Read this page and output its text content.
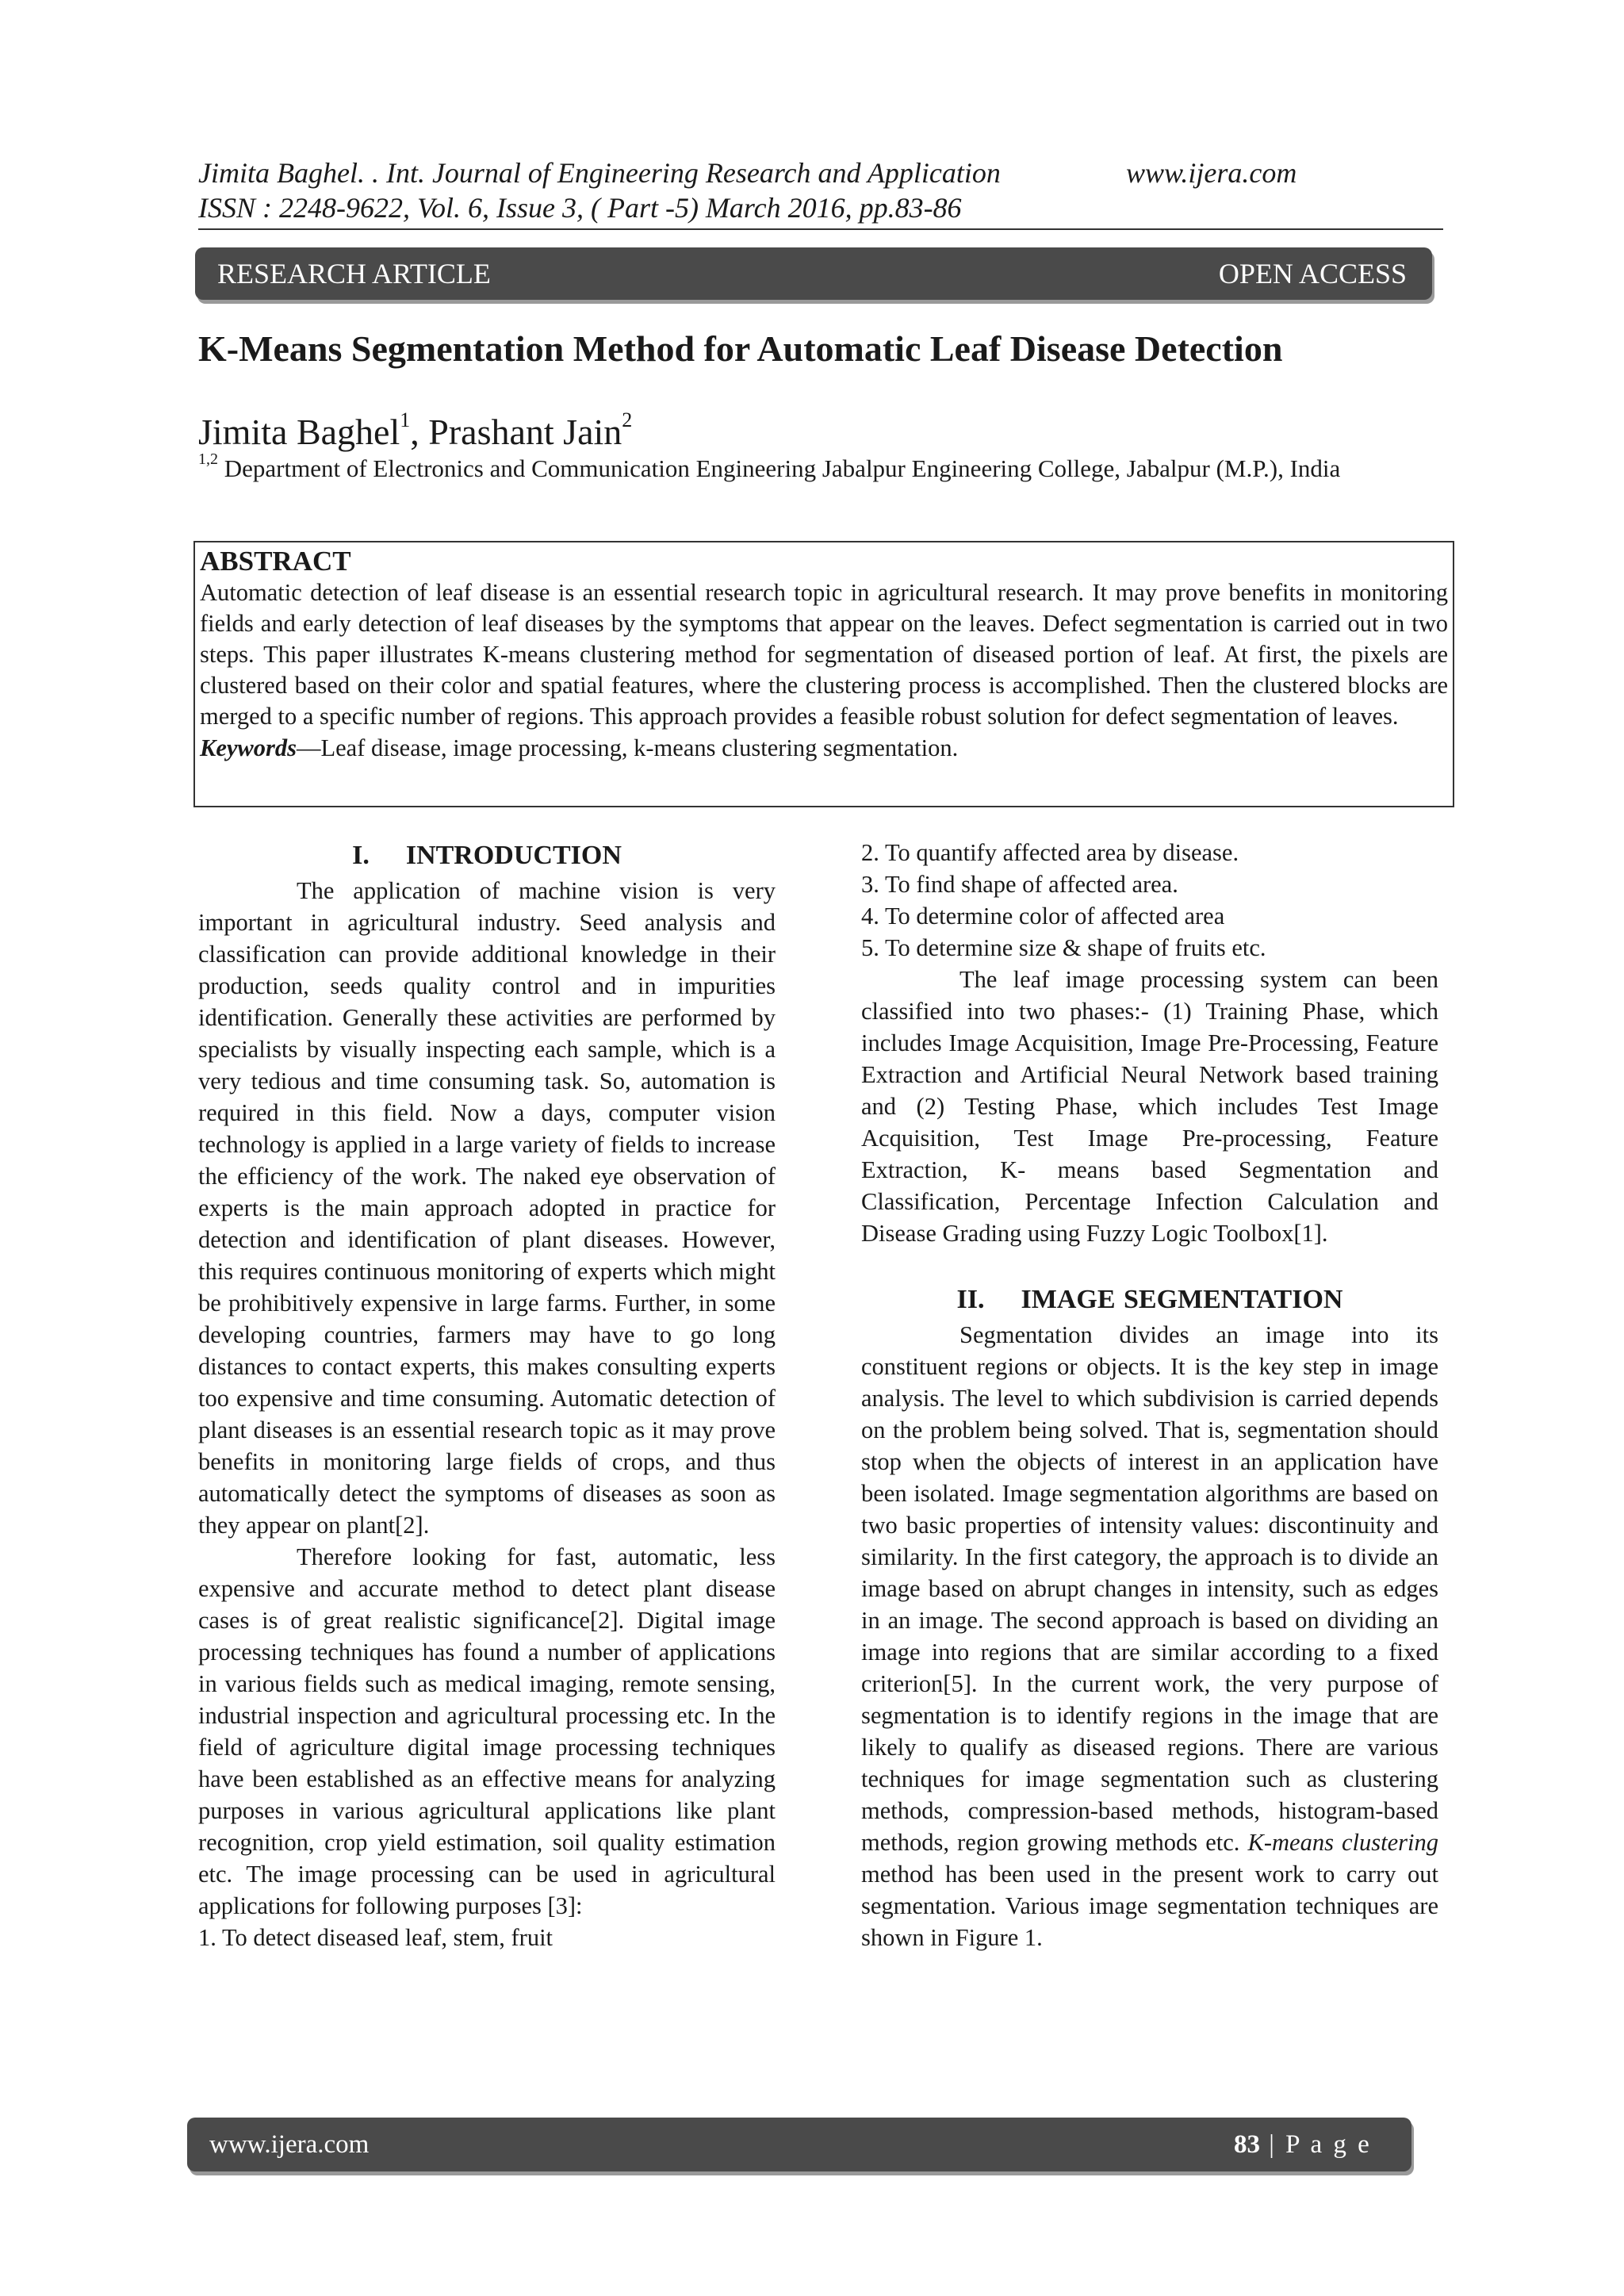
Jimita Baghel. . Int. Journal of Engineering Research and Application	www.ijera.com
ISSN : 2248-9622, Vol. 6, Issue 3, ( Part -5) March 2016, pp.83-86
RESEARCH ARTICLE	OPEN ACCESS
K-Means Segmentation Method for Automatic Leaf Disease Detection
Jimita Baghel$^1$, Prashant Jain$^2$
$^{1,2}$ Department of Electronics and Communication Engineering Jabalpur Engineering College, Jabalpur (M.P.), India
ABSTRACT
Automatic detection of leaf disease is an essential research topic in agricultural research. It may prove benefits in monitoring fields and early detection of leaf diseases by the symptoms that appear on the leaves. Defect segmentation is carried out in two steps. This paper illustrates K-means clustering method for segmentation of diseased portion of leaf. At first, the pixels are clustered based on their color and spatial features, where the clustering process is accomplished. Then the clustered blocks are merged to a specific number of regions. This approach provides a feasible robust solution for defect segmentation of leaves.
Keywords—Leaf disease, image processing, k-means clustering segmentation.
I. INTRODUCTION

The application of machine vision is very important in agricultural industry. Seed analysis and classification can provide additional knowledge in their production, seeds quality control and in impurities identification. Generally these activities are performed by specialists by visually inspecting each sample, which is a very tedious and time consuming task. So, automation is required in this field. Now a days, computer vision technology is applied in a large variety of fields to increase the efficiency of the work. The naked eye observation of experts is the main approach adopted in practice for detection and identification of plant diseases. However, this requires continuous monitoring of experts which might be prohibitively expensive in large farms. Further, in some developing countries, farmers may have to go long distances to contact experts, this makes consulting experts too expensive and time consuming. Automatic detection of plant diseases is an essential research topic as it may prove benefits in monitoring large fields of crops, and thus automatically detect the symptoms of diseases as soon as they appear on plant[2].

Therefore looking for fast, automatic, less expensive and accurate method to detect plant disease cases is of great realistic significance[2]. Digital image processing techniques has found a number of applications in various fields such as medical imaging, remote sensing, industrial inspection and agricultural processing etc. In the field of agriculture digital image processing techniques have been established as an effective means for analyzing purposes in various agricultural applications like plant recognition, crop yield estimation, soil quality estimation etc. The image processing can be used in agricultural applications for following purposes [3]:

1. To detect diseased leaf, stem, fruit

2. To quantify affected area by disease.

3. To find shape of affected area.

4. To determine color of affected area

5. To determine size & shape of fruits etc.

The leaf image processing system can been classified into two phases:- (1) Training Phase, which includes Image Acquisition, Image Pre-Processing, Feature Extraction and Artificial Neural Network based training and (2) Testing Phase, which includes Test Image Acquisition, Test Image Pre-processing, Feature Extraction, K- means based Segmentation and Classification, Percentage Infection Calculation and Disease Grading using Fuzzy Logic Toolbox[1].

II. IMAGE SEGMENTATION

Segmentation divides an image into its constituent regions or objects. It is the key step in image analysis. The level to which subdivision is carried depends on the problem being solved. That is, segmentation should stop when the objects of interest in an application have been isolated. Image segmentation algorithms are based on two basic properties of intensity values: discontinuity and similarity. In the first category, the approach is to divide an image based on abrupt changes in intensity, such as edges in an image. The second approach is based on dividing an image into regions that are similar according to a fixed criterion[5]. In the current work, the very purpose of segmentation is to identify regions in the image that are likely to qualify as diseased regions. There are various techniques for image segmentation such as clustering methods, compression-based methods, histogram-based methods, region growing methods etc. K-means clustering method has been used in the present work to carry out segmentation. Various image segmentation techniques are shown in Figure 1.

www.ijera.com	83 | P a g e
